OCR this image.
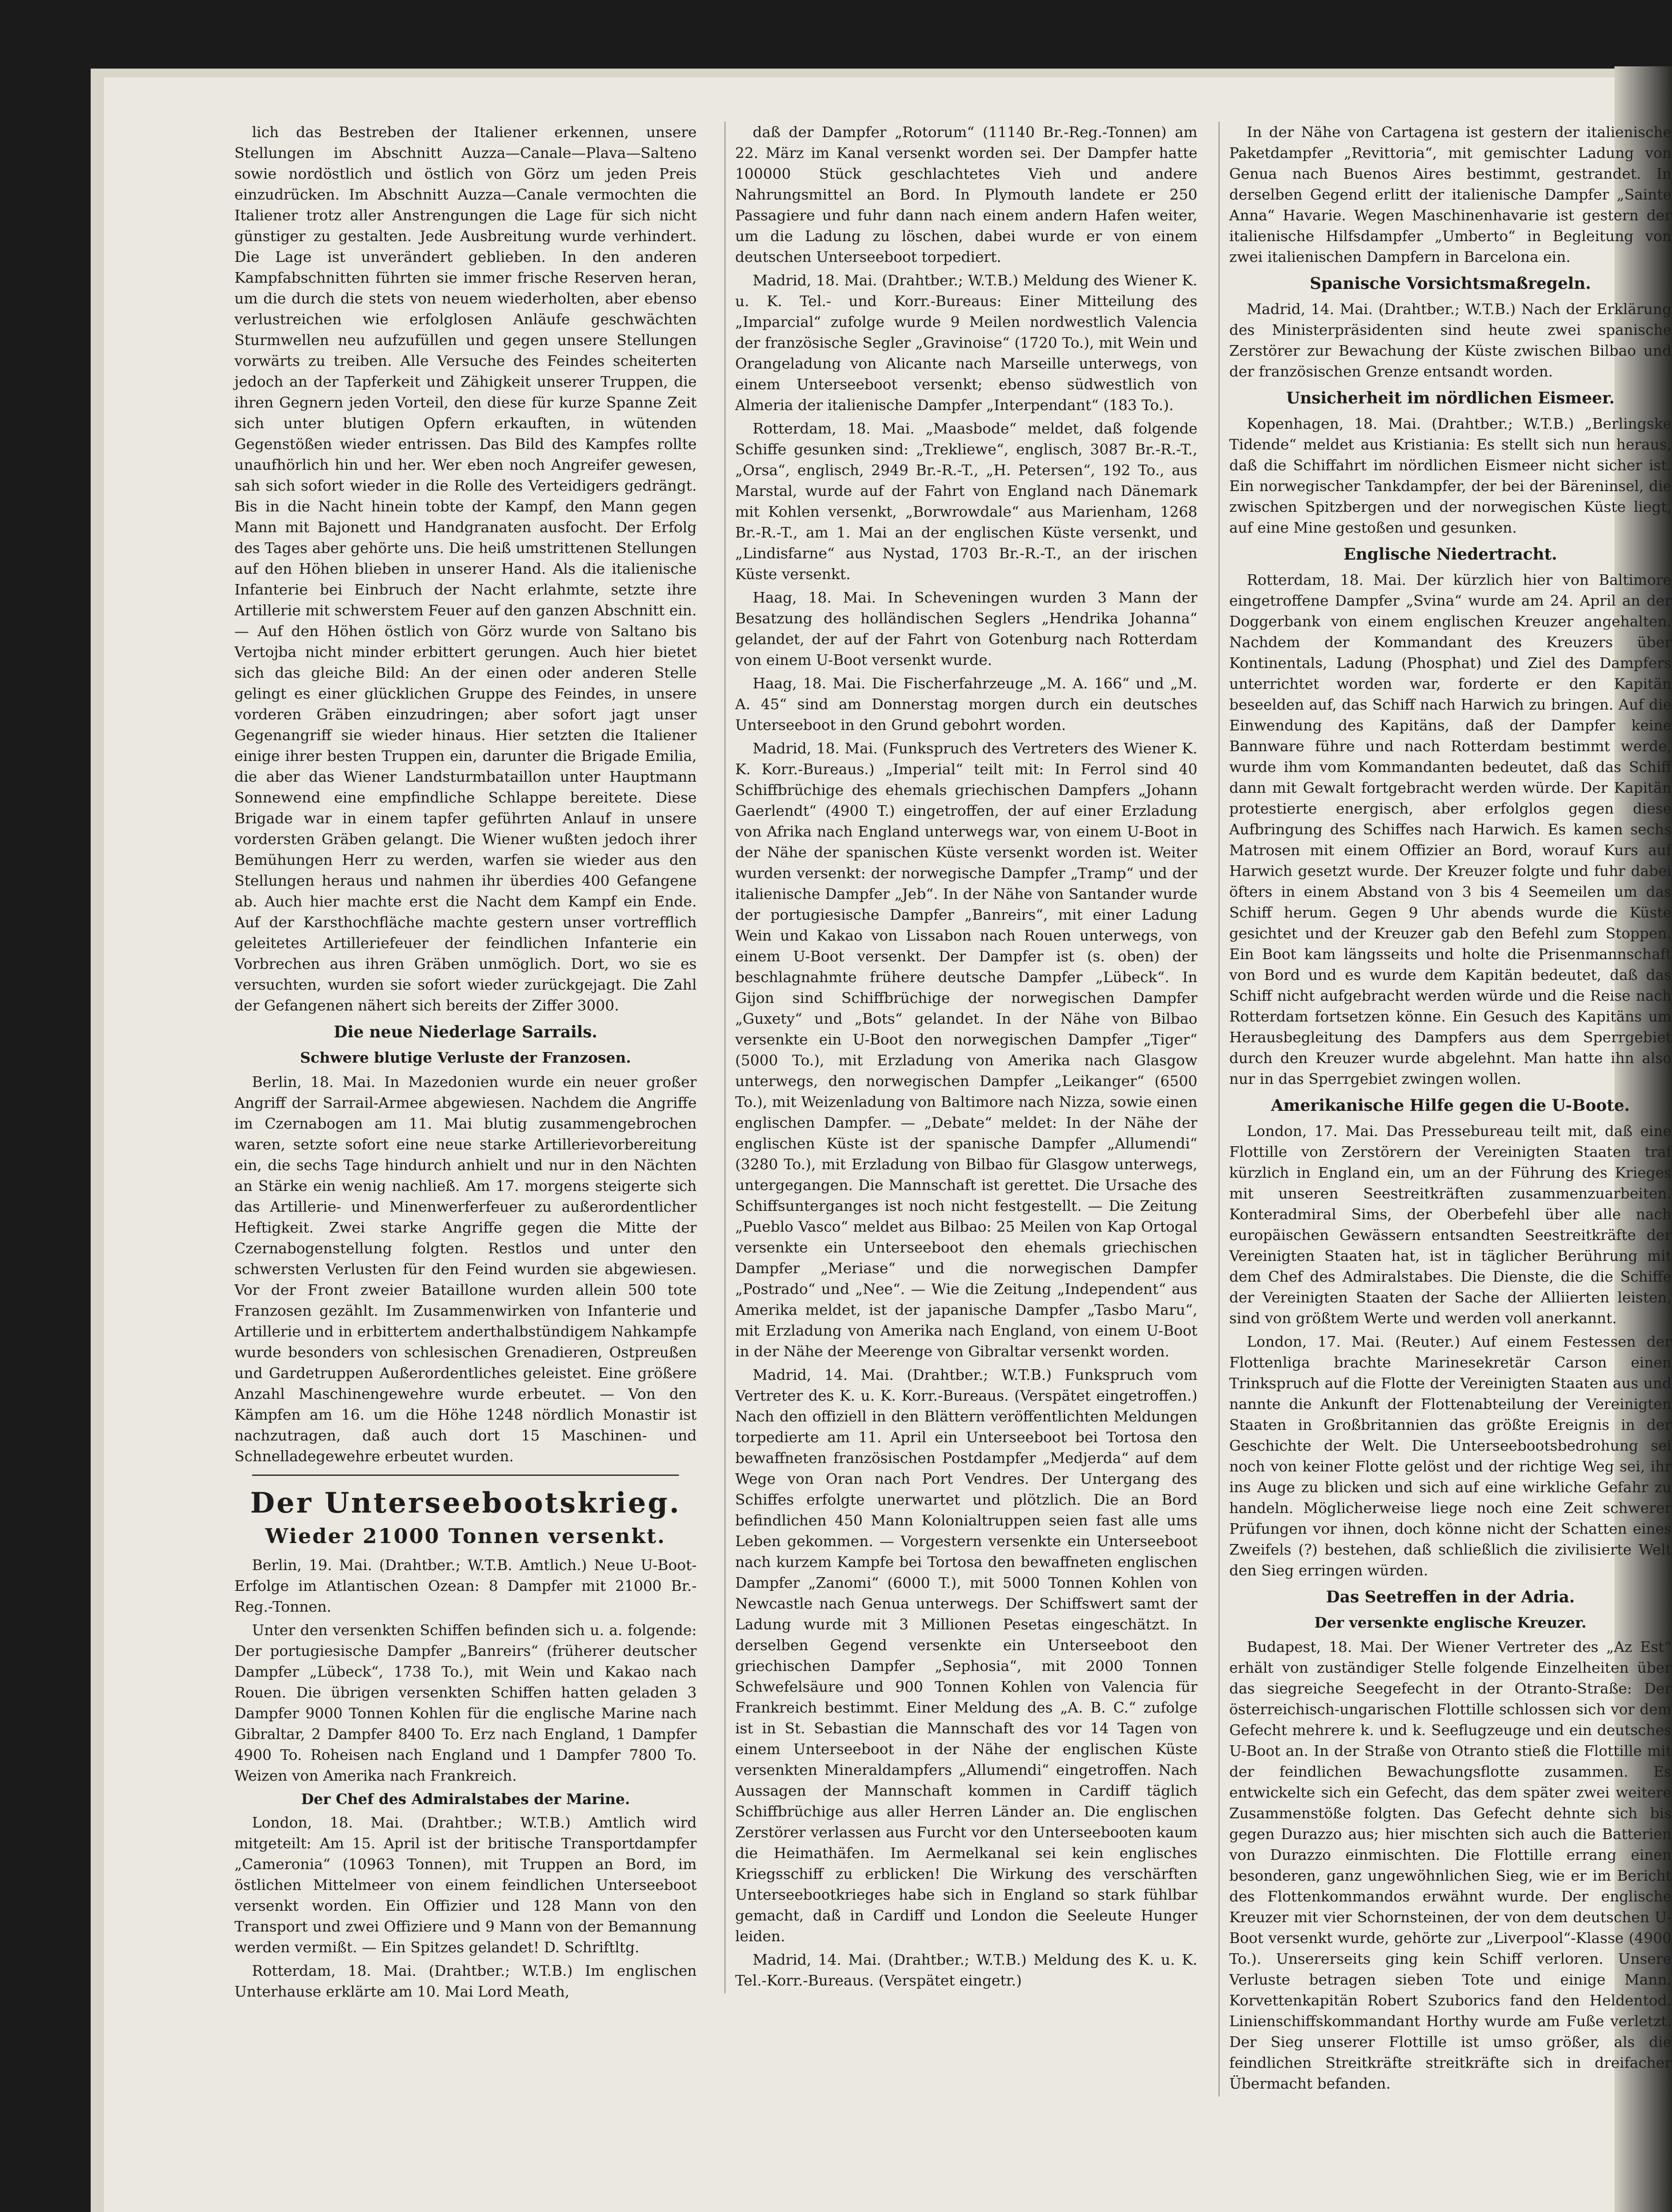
lich das Bestreben der Italiener erkennen, unsere Stellungen im Abschnitt Auzza—Canale—Plava—Salteno sowie nordöstlich und östlich von Görz um jeden Preis einzudrücken. Im Abschnitt Auzza—Canale vermochten die Italiener trotz aller Anstrengungen die Lage für sich nicht günstiger zu gestalten. Jede Ausbreitung wurde verhindert. Die Lage ist unverändert geblieben. In den anderen Kampfabschnitten führten sie immer frische Reserven heran, um die durch die stets von neuem wiederholten, aber ebenso verlustreichen wie erfolglosen Anläufe geschwächten Sturmwellen neu aufzufüllen und gegen unsere Stellungen vorwärts zu treiben. Alle Versuche des Feindes scheiterten jedoch an der Tapferkeit und Zähigkeit unserer Truppen, die ihren Gegnern jeden Vorteil, den diese für kurze Spanne Zeit sich unter blutigen Opfern erkauften, in wütenden Gegenstößen wieder entrissen. Das Bild des Kampfes rollte unaufhörlich hin und her. Wer eben noch Angreifer gewesen, sah sich sofort wieder in die Rolle des Verteidigers gedrängt. Bis in die Nacht hinein tobte der Kampf, den Mann gegen Mann mit Bajonett und Handgranaten ausfocht. Der Erfolg des Tages aber gehörte uns. Die heiß umstrittenen Stellungen auf den Höhen blieben in unserer Hand. Als die italienische Infanterie bei Einbruch der Nacht erlahmte, setzte ihre Artillerie mit schwerstem Feuer auf den ganzen Abschnitt ein. — Auf den Höhen östlich von Görz wurde von Saltano bis Vertojba nicht minder erbittert gerungen. Auch hier bietet sich das gleiche Bild: An der einen oder anderen Stelle gelingt es einer glücklichen Gruppe des Feindes, in unsere vorderen Gräben einzudringen; aber sofort jagt unser Gegenangriff sie wieder hinaus. Hier setzten die Italiener einige ihrer besten Truppen ein, darunter die Brigade Emilia, die aber das Wiener Landsturmbataillon unter Hauptmann Sonnewend eine empfindliche Schlappe bereitete. Diese Brigade war in einem tapfer geführten Anlauf in unsere vordersten Gräben gelangt. Die Wiener wußten jedoch ihrer Bemühungen Herr zu werden, warfen sie wieder aus den Stellungen heraus und nahmen ihr überdies 400 Gefangene ab. Auch hier machte erst die Nacht dem Kampf ein Ende. Auf der Karsthochfläche machte gestern unser vortrefflich geleitetes Artilleriefeuer der feindlichen Infanterie ein Vorbrechen aus ihren Gräben unmöglich. Dort, wo sie es versuchten, wurden sie sofort wieder zurückgejagt. Die Zahl der Gefangenen nähert sich bereits der Ziffer 3000.

Die neue Niederlage Sarrails.

Schwere blutige Verluste der Franzosen.

Berlin, 18. Mai. In Mazedonien wurde ein neuer großer Angriff der Sarrail-Armee abgewiesen. Nachdem die Angriffe im Czernabogen am 11. Mai blutig zusammengebrochen waren, setzte sofort eine neue starke Artillerievorbereitung ein, die sechs Tage hindurch anhielt und nur in den Nächten an Stärke ein wenig nachließ. Am 17. morgens steigerte sich das Artillerie- und Minenwerferfeuer zu außerordentlicher Heftigkeit. Zwei starke Angriffe gegen die Mitte der Czernabogenstellung folgten. Restlos und unter den schwersten Verlusten für den Feind wurden sie abgewiesen. Vor der Front zweier Bataillone wurden allein 500 tote Franzosen gezählt. Im Zusammenwirken von Infanterie und Artillerie und in erbittertem anderthalbstündigem Nahkampfe wurde besonders von schlesischen Grenadieren, Ostpreußen und Gardetruppen Außerordentliches geleistet. Eine größere Anzahl Maschinengewehre wurde erbeutet. — Von den Kämpfen am 16. um die Höhe 1248 nördlich Monastir ist nachzutragen, daß auch dort 15 Maschinen- und Schnelladegewehre erbeutet wurden.

Der Unterseebootskrieg.

Wieder 21000 Tonnen versenkt.

Berlin, 19. Mai. (Drahtber.; W.T.B. Amtlich.) Neue U-Boot-Erfolge im Atlantischen Ozean: 8 Dampfer mit 21000 Br.-Reg.-Tonnen.

Unter den versenkten Schiffen befinden sich u. a. folgende: Der portugiesische Dampfer „Banreirs“ (früherer deutscher Dampfer „Lübeck“, 1738 To.), mit Wein und Kakao nach Rouen. Die übrigen versenkten Schiffen hatten geladen 3 Dampfer 9000 Tonnen Kohlen für die englische Marine nach Gibraltar, 2 Dampfer 8400 To. Erz nach England, 1 Dampfer 4900 To. Roheisen nach England und 1 Dampfer 7800 To. Weizen von Amerika nach Frankreich.

Der Chef des Admiralstabes der Marine.

London, 18. Mai. (Drahtber.; W.T.B.) Amtlich wird mitgeteilt: Am 15. April ist der britische Transportdampfer „Cameronia“ (10963 Tonnen), mit Truppen an Bord, im östlichen Mittelmeer von einem feindlichen Unterseeboot versenkt worden. Ein Offizier und 128 Mann von den Transport und zwei Offiziere und 9 Mann von der Bemannung werden vermißt. — Ein Spitzes gelandet! D. Schriftltg.

Rotterdam, 18. Mai. (Drahtber.; W.T.B.) Im englischen Unterhause erklärte am 10. Mai Lord Meath,

daß der Dampfer „Rotorum“ (11140 Br.-Reg.-Tonnen) am 22. März im Kanal versenkt worden sei. Der Dampfer hatte 100000 Stück geschlachtetes Vieh und andere Nahrungsmittel an Bord. In Plymouth landete er 250 Passagiere und fuhr dann nach einem andern Hafen weiter, um die Ladung zu löschen, dabei wurde er von einem deutschen Unterseeboot torpediert.

Madrid, 18. Mai. (Drahtber.; W.T.B.) Meldung des Wiener K. u. K. Tel.- und Korr.-Bureaus: Einer Mitteilung des „Imparcial“ zufolge wurde 9 Meilen nordwestlich Valencia der französische Segler „Gravinoise“ (1720 To.), mit Wein und Orangeladung von Alicante nach Marseille unterwegs, von einem Unterseeboot versenkt; ebenso südwestlich von Almeria der italienische Dampfer „Interpendant“ (183 To.).

Rotterdam, 18. Mai. „Maasbode“ meldet, daß folgende Schiffe gesunken sind: „Trekliewe“, englisch, 3087 Br.-R.-T., „Orsa“, englisch, 2949 Br.-R.-T., „H. Petersen“, 192 To., aus Marstal, wurde auf der Fahrt von England nach Dänemark mit Kohlen versenkt, „Borwrowdale“ aus Marienham, 1268 Br.-R.-T., am 1. Mai an der englischen Küste versenkt, und „Lindisfarne“ aus Nystad, 1703 Br.-R.-T., an der irischen Küste versenkt.

Haag, 18. Mai. In Scheveningen wurden 3 Mann der Besatzung des holländischen Seglers „Hendrika Johanna“ gelandet, der auf der Fahrt von Gotenburg nach Rotterdam von einem U-Boot versenkt wurde.

Haag, 18. Mai. Die Fischerfahrzeuge „M. A. 166“ und „M. A. 45“ sind am Donnerstag morgen durch ein deutsches Unterseeboot in den Grund gebohrt worden.

Madrid, 18. Mai. (Funkspruch des Vertreters des Wiener K. K. Korr.-Bureaus.) „Imperial“ teilt mit: In Ferrol sind 40 Schiffbrüchige des ehemals griechischen Dampfers „Johann Gaerlendt“ (4900 T.) eingetroffen, der auf einer Erzladung von Afrika nach England unterwegs war, von einem U-Boot in der Nähe der spanischen Küste versenkt worden ist. Weiter wurden versenkt: der norwegische Dampfer „Tramp“ und der italienische Dampfer „Jeb“. In der Nähe von Santander wurde der portugiesische Dampfer „Banreirs“, mit einer Ladung Wein und Kakao von Lissabon nach Rouen unterwegs, von einem U-Boot versenkt. Der Dampfer ist (s. oben) der beschlagnahmte frühere deutsche Dampfer „Lübeck“. In Gijon sind Schiffbrüchige der norwegischen Dampfer „Guxety“ und „Bots“ gelandet. In der Nähe von Bilbao versenkte ein U-Boot den norwegischen Dampfer „Tiger“ (5000 To.), mit Erzladung von Amerika nach Glasgow unterwegs, den norwegischen Dampfer „Leikanger“ (6500 To.), mit Weizenladung von Baltimore nach Nizza, sowie einen englischen Dampfer. — „Debate“ meldet: In der Nähe der englischen Küste ist der spanische Dampfer „Allumendi“ (3280 To.), mit Erzladung von Bilbao für Glasgow unterwegs, untergegangen. Die Mannschaft ist gerettet. Die Ursache des Schiffsunterganges ist noch nicht festgestellt. — Die Zeitung „Pueblo Vasco“ meldet aus Bilbao: 25 Meilen von Kap Ortogal versenkte ein Unterseeboot den ehemals griechischen Dampfer „Meriase“ und die norwegischen Dampfer „Postrado“ und „Nee“. — Wie die Zeitung „Independent“ aus Amerika meldet, ist der japanische Dampfer „Tasbo Maru“, mit Erzladung von Amerika nach England, von einem U-Boot in der Nähe der Meerenge von Gibraltar versenkt worden.

Madrid, 14. Mai. (Drahtber.; W.T.B.) Funkspruch vom Vertreter des K. u. K. Korr.-Bureaus. (Verspätet eingetroffen.) Nach den offiziell in den Blättern veröffentlichten Meldungen torpedierte am 11. April ein Unterseeboot bei Tortosa den bewaffneten französischen Postdampfer „Medjerda“ auf dem Wege von Oran nach Port Vendres. Der Untergang des Schiffes erfolgte unerwartet und plötzlich. Die an Bord befindlichen 450 Mann Kolonialtruppen seien fast alle ums Leben gekommen. — Vorgestern versenkte ein Unterseeboot nach kurzem Kampfe bei Tortosa den bewaffneten englischen Dampfer „Zanomi“ (6000 T.), mit 5000 Tonnen Kohlen von Newcastle nach Genua unterwegs. Der Schiffswert samt der Ladung wurde mit 3 Millionen Pesetas eingeschätzt. In derselben Gegend versenkte ein Unterseeboot den griechischen Dampfer „Sephosia“, mit 2000 Tonnen Schwefelsäure und 900 Tonnen Kohlen von Valencia für Frankreich bestimmt. Einer Meldung des „A. B. C.“ zufolge ist in St. Sebastian die Mannschaft des vor 14 Tagen von einem Unterseeboot in der Nähe der englischen Küste versenkten Mineraldampfers „Allumendi“ eingetroffen. Nach Aussagen der Mannschaft kommen in Cardiff täglich Schiffbrüchige aus aller Herren Länder an. Die englischen Zerstörer verlassen aus Furcht vor den Unterseebooten kaum die Heimathäfen. Im Aermelkanal sei kein englisches Kriegsschiff zu erblicken! Die Wirkung des verschärften Unterseebootkrieges habe sich in England so stark fühlbar gemacht, daß in Cardiff und London die Seeleute Hunger leiden.

Madrid, 14. Mai. (Drahtber.; W.T.B.) Meldung des K. u. K. Tel.-Korr.-Bureaus. (Verspätet eingetr.)

In der Nähe von Cartagena ist gestern der italienische Paketdampfer „Revittoria“, mit gemischter Ladung von Genua nach Buenos Aires bestimmt, gestrandet. In derselben Gegend erlitt der italienische Dampfer „Sainte Anna“ Havarie. Wegen Maschinenhavarie ist gestern der italienische Hilfsdampfer „Umberto“ in Begleitung von zwei italienischen Dampfern in Barcelona ein.

Spanische Vorsichtsmaßregeln.

Madrid, 14. Mai. (Drahtber.; W.T.B.) Nach der Erklärung des Ministerpräsidenten sind heute zwei spanische Zerstörer zur Bewachung der Küste zwischen Bilbao und der französischen Grenze entsandt worden.

Unsicherheit im nördlichen Eismeer.

Kopenhagen, 18. Mai. (Drahtber.; W.T.B.) „Berlingske Tidende“ meldet aus Kristiania: Es stellt sich nun heraus, daß die Schiffahrt im nördlichen Eismeer nicht sicher ist. Ein norwegischer Tankdampfer, der bei der Bäreninsel, die zwischen Spitzbergen und der norwegischen Küste liegt, auf eine Mine gestoßen und gesunken.

Englische Niedertracht.

Rotterdam, 18. Mai. Der kürzlich hier von Baltimore eingetroffene Dampfer „Svina“ wurde am 24. April an der Doggerbank von einem englischen Kreuzer angehalten. Nachdem der Kommandant des Kreuzers über Kontinentals, Ladung (Phosphat) und Ziel des Dampfers unterrichtet worden war, forderte er den Kapitän beseelden auf, das Schiff nach Harwich zu bringen. Auf die Einwendung des Kapitäns, daß der Dampfer keine Bannware führe und nach Rotterdam bestimmt werde, wurde ihm vom Kommandanten bedeutet, daß das Schiff dann mit Gewalt fortgebracht werden würde. Der Kapitän protestierte energisch, aber erfolglos gegen diese Aufbringung des Schiffes nach Harwich. Es kamen sechs Matrosen mit einem Offizier an Bord, worauf Kurs auf Harwich gesetzt wurde. Der Kreuzer folgte und fuhr dabei öfters in einem Abstand von 3 bis 4 Seemeilen um das Schiff herum. Gegen 9 Uhr abends wurde die Küste gesichtet und der Kreuzer gab den Befehl zum Stoppen. Ein Boot kam längsseits und holte die Prisenmannschaft von Bord und es wurde dem Kapitän bedeutet, daß das Schiff nicht aufgebracht werden würde und die Reise nach Rotterdam fortsetzen könne. Ein Gesuch des Kapitäns um Herausbegleitung des Dampfers aus dem Sperrgebiet durch den Kreuzer wurde abgelehnt. Man hatte ihn also nur in das Sperrgebiet zwingen wollen.

Amerikanische Hilfe gegen die U-Boote.

London, 17. Mai. Das Pressebureau teilt mit, daß eine Flottille von Zerstörern der Vereinigten Staaten traf kürzlich in England ein, um an der Führung des Krieges mit unseren Seestreitkräften zusammenzuarbeiten. Konteradmiral Sims, der Oberbefehl über alle nach europäischen Gewässern entsandten Seestreitkräfte der Vereinigten Staaten hat, ist in täglicher Berührung mit dem Chef des Admiralstabes. Die Dienste, die die Schiffe der Vereinigten Staaten der Sache der Alliierten leisten, sind von größtem Werte und werden voll anerkannt.

London, 17. Mai. (Reuter.) Auf einem Festessen der Flottenliga brachte Marinesekretär Carson einen Trinkspruch auf die Flotte der Vereinigten Staaten aus und nannte die Ankunft der Flottenabteilung der Vereinigten Staaten in Großbritannien das größte Ereignis in der Geschichte der Welt. Die Unterseebootsbedrohung sei noch von keiner Flotte gelöst und der richtige Weg sei, ihr ins Auge zu blicken und sich auf eine wirkliche Gefahr zu handeln. Möglicherweise liege noch eine Zeit schwerer Prüfungen vor ihnen, doch könne nicht der Schatten eines Zweifels (?) bestehen, daß schließlich die zivilisierte Welt den Sieg erringen würden.

Das Seetreffen in der Adria.

Der versenkte englische Kreuzer.

Budapest, 18. Mai. Der Wiener Vertreter des „Az Est“ erhält von zuständiger Stelle folgende Einzelheiten über das siegreiche Seegefecht in der Otranto-Straße: Der österreichisch-ungarischen Flottille schlossen sich vor dem Gefecht mehrere k. und k. Seeflugzeuge und ein deutsches U-Boot an. In der Straße von Otranto stieß die Flottille mit der feindlichen Bewachungsflotte zusammen. Es entwickelte sich ein Gefecht, das dem später zwei weitere Zusammenstöße folgten. Das Gefecht dehnte sich bis gegen Durazzo aus; hier mischten sich auch die Batterien von Durazzo einmischten. Die Flottille errang einen besonderen, ganz ungewöhnlichen Sieg, wie er im Bericht des Flottenkommandos erwähnt wurde. Der englische Kreuzer mit vier Schornsteinen, der von dem deutschen U-Boot versenkt wurde, gehörte zur „Liverpool“-Klasse (4900 To.). Unsererseits ging kein Schiff verloren. Unsere Verluste betragen sieben Tote und einige Mann. Korvettenkapitän Robert Szuborics fand den Heldentod. Linienschiffskommandant Horthy wurde am Fuße verletzt. Der Sieg unserer Flottille ist umso größer, als die feindlichen Streitkräfte streitkräfte sich in dreifacher Übermacht befanden.
